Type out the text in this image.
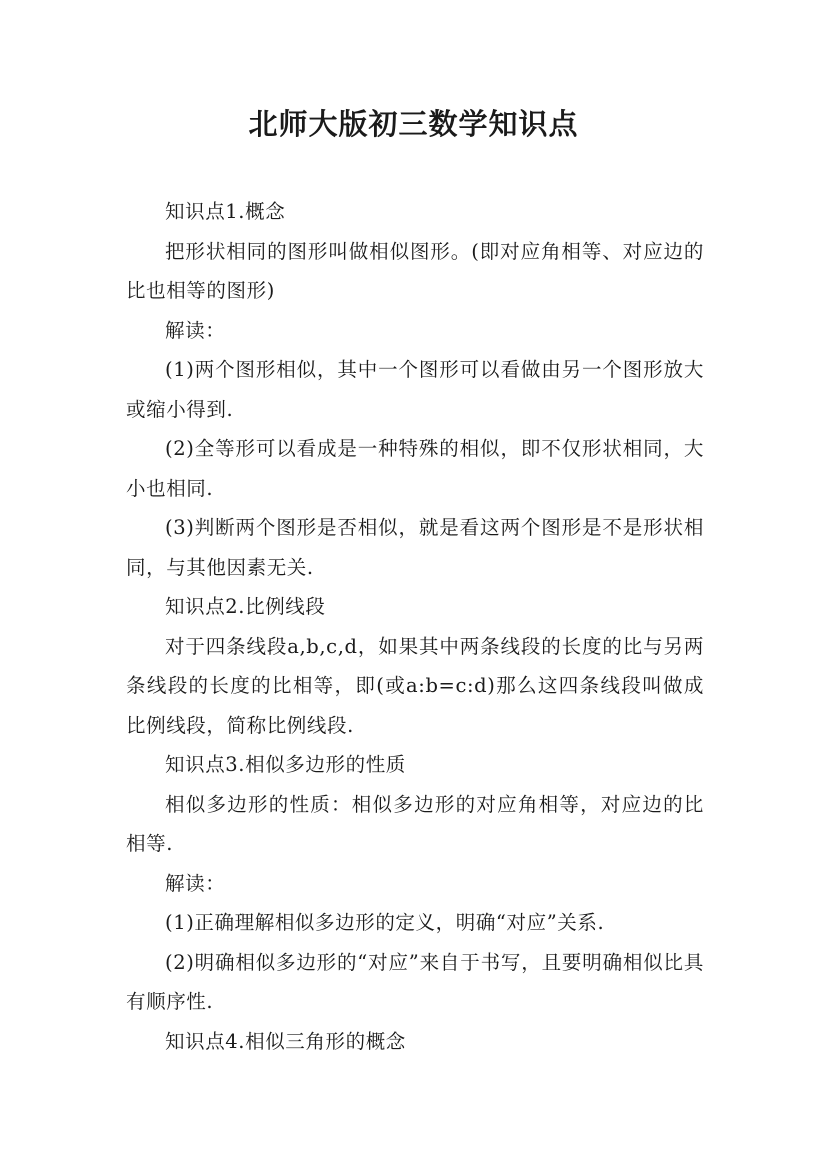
北师大版初三数学知识点

知识点1.概念

把形状相同的图形叫做相似图形。(即对应角相等、对应边的比也相等的图形)

解读：

(1)两个图形相似，其中一个图形可以看做由另一个图形放大或缩小得到.

(2)全等形可以看成是一种特殊的相似，即不仅形状相同，大小也相同.

(3)判断两个图形是否相似，就是看这两个图形是不是形状相同，与其他因素无关.

知识点2.比例线段

对于四条线段a,b,c,d，如果其中两条线段的长度的比与另两条线段的长度的比相等，即(或a:b=c:d)那么这四条线段叫做成比例线段，简称比例线段.

知识点3.相似多边形的性质

相似多边形的性质：相似多边形的对应角相等，对应边的比相等.

解读：

(1)正确理解相似多边形的定义，明确“对应”关系.

(2)明确相似多边形的“对应”来自于书写，且要明确相似比具有顺序性.

知识点4.相似三角形的概念
